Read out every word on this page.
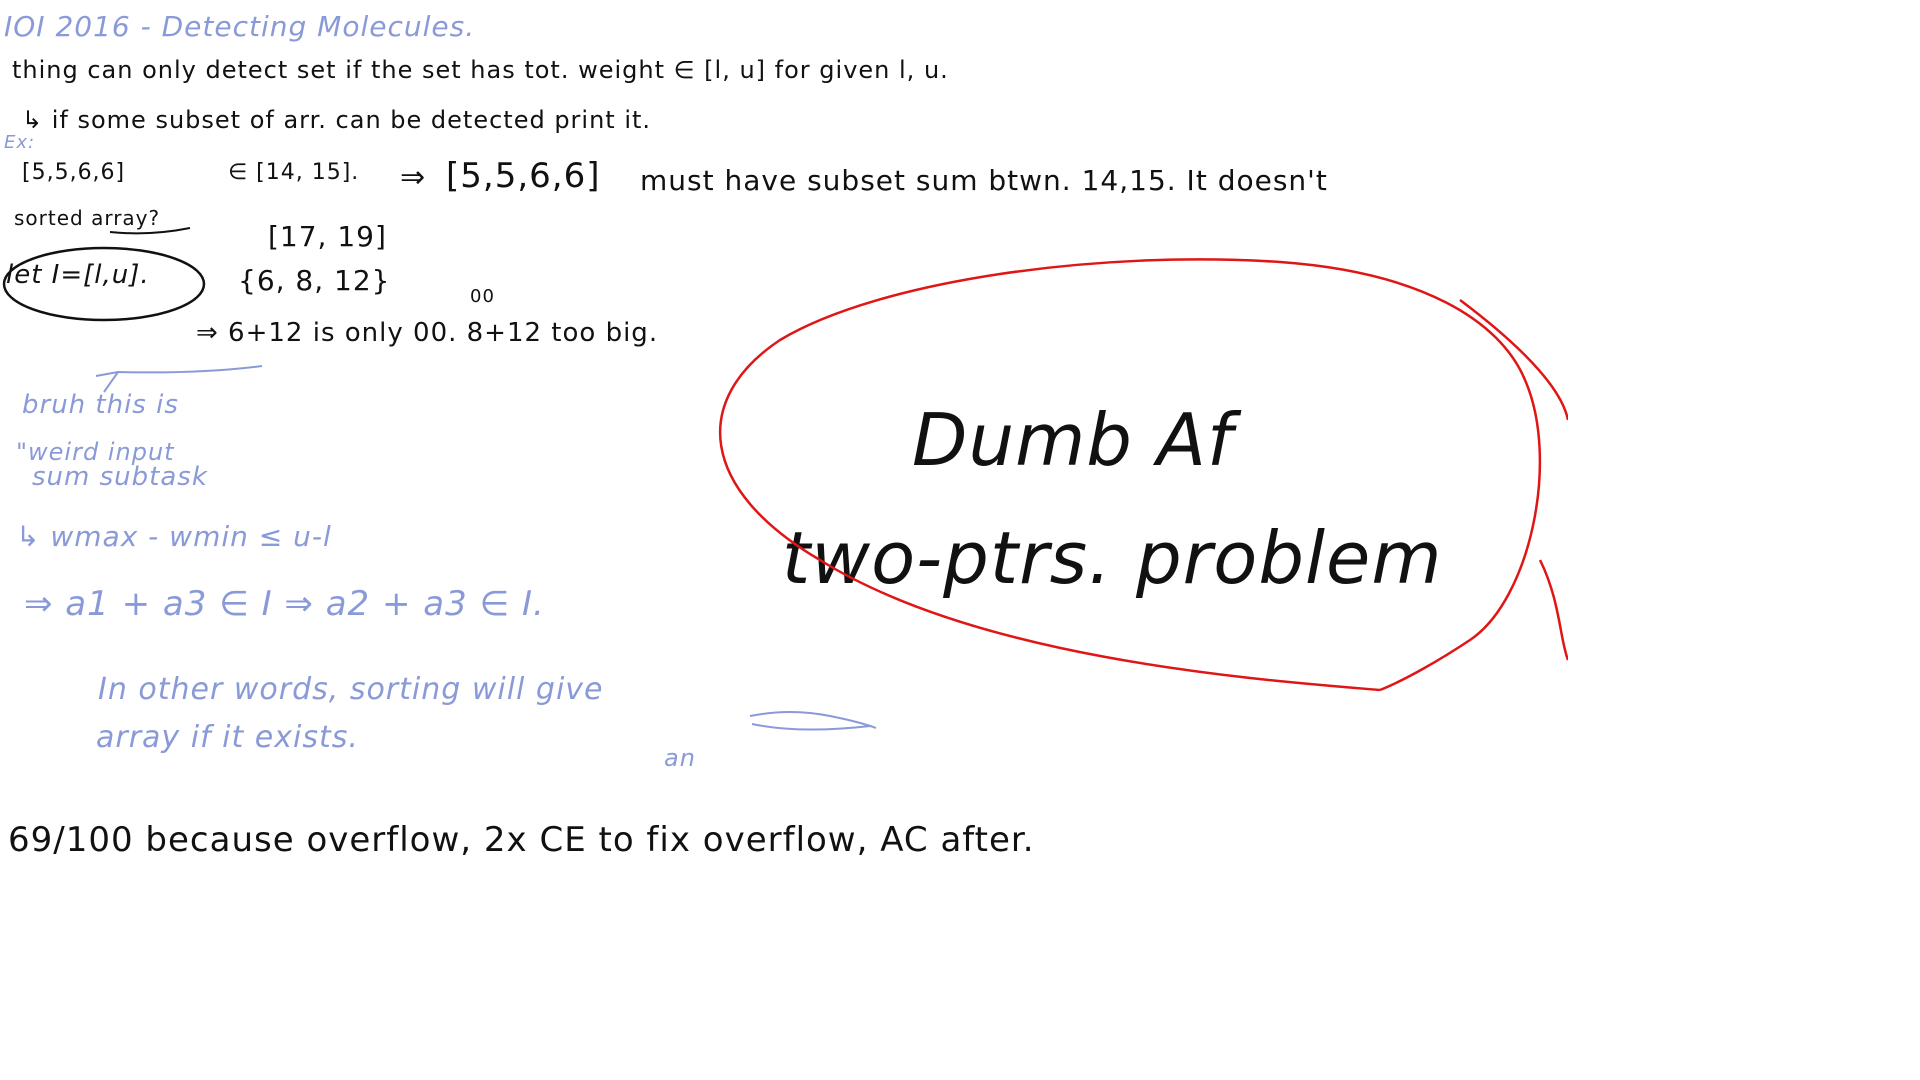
IOI 2016 - Detecting Molecules.
thing can only detect set if the set has tot. weight ∈ [l, u] for given l, u.
↳ if some subset of arr. can be detected print it.
Ex:
[5,5,6,6]	∈ [14, 15]. ⇒ [5,5,6,6] must have subset sum btwn. 14,15. It doesn't
sorted array?
[17, 19]
let I=[l,u].	{6, 8, 12}	00
⇒ 6+12 is only 00. 8+12 too big.
bruh this is
"weird input
sum subtask
↳ wmax - wmin ≤ u-l
⇒ a1 + a3 ∈ I ⇒ a2 + a3 ∈ I.
In other words, sorting will give
array if it exists.
an
Dumb Af
two-ptrs. problem
69/100 because overflow, 2x CE to fix overflow, AC after.
